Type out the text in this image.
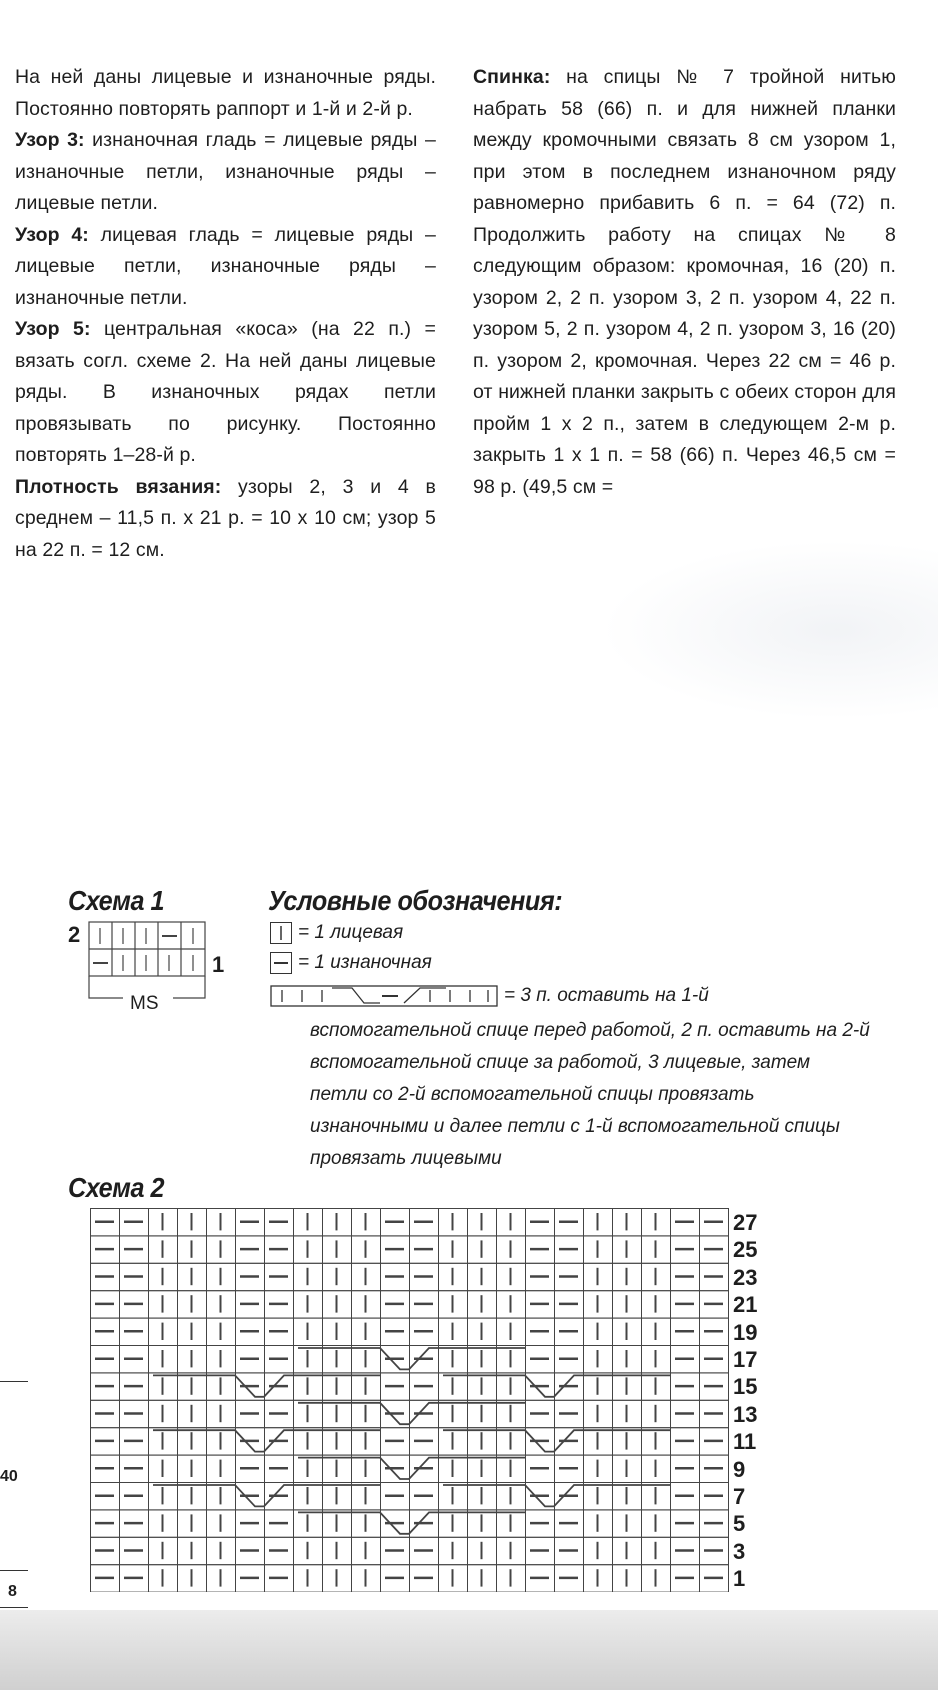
На ней даны лицевые и изнаночные ряды. Постоянно повторять раппорт и 1-й и 2-й р.

Узор 3: изнаночная гладь = лицевые ряды – изнаночные петли, изнаночные ряды – лицевые петли.

Узор 4: лицевая гладь = лицевые ряды – лицевые петли, изнаночные ряды – изнаночные петли.

Узор 5: центральная «коса» (на 22 п.) = вязать согл. схеме 2. На ней даны лицевые ряды. В изнаночных рядах петли провязывать по рисунку. Постоянно повторять 1–28-й р.

Плотность вязания: узоры 2, 3 и 4 в среднем – 11,5 п. х 21 р. = 10 х 10 см; узор 5 на 22 п. = 12 см.

Спинка: на спицы № 7 тройной нитью набрать 58 (66) п. и для нижней планки между кромочными связать 8 см узором 1, при этом в последнем изнаночном ряду равномерно прибавить 6 п. = 64 (72) п. Продолжить работу на спицах № 8 следующим образом: кромочная, 16 (20) п. узором 2, 2 п. узором 3, 2 п. узором 4, 22 п. узором 5, 2 п. узором 4, 2 п. узором 3, 16 (20) п. узором 2, кромочная. Через 22 см = 46 р. от нижней планки закрыть с обеих сторон для пройм 1 х 2 п., затем в следующем 2-м р. закрыть 1 х 1 п. = 58 (66) п. Через 46,5 см = 98 р. (49,5 см =

Схема 1
2
1
MS
Условные обозначения:
= 1 лицевая
= 1 изнаночная
= 3 п. оставить на 1-й
вспомогательной спице перед работой, 2 п. оставить на 2-й вспомогательной спице за работой, 3 лицевые, затем петли со 2-й вспомогательной спицы провязать изнаночными и далее петли с 1-й вспомогательной спицы провязать лицевыми
Схема 2
27
25
23
21
19
17
15
13
11
9
7
5
3
1
40
8
